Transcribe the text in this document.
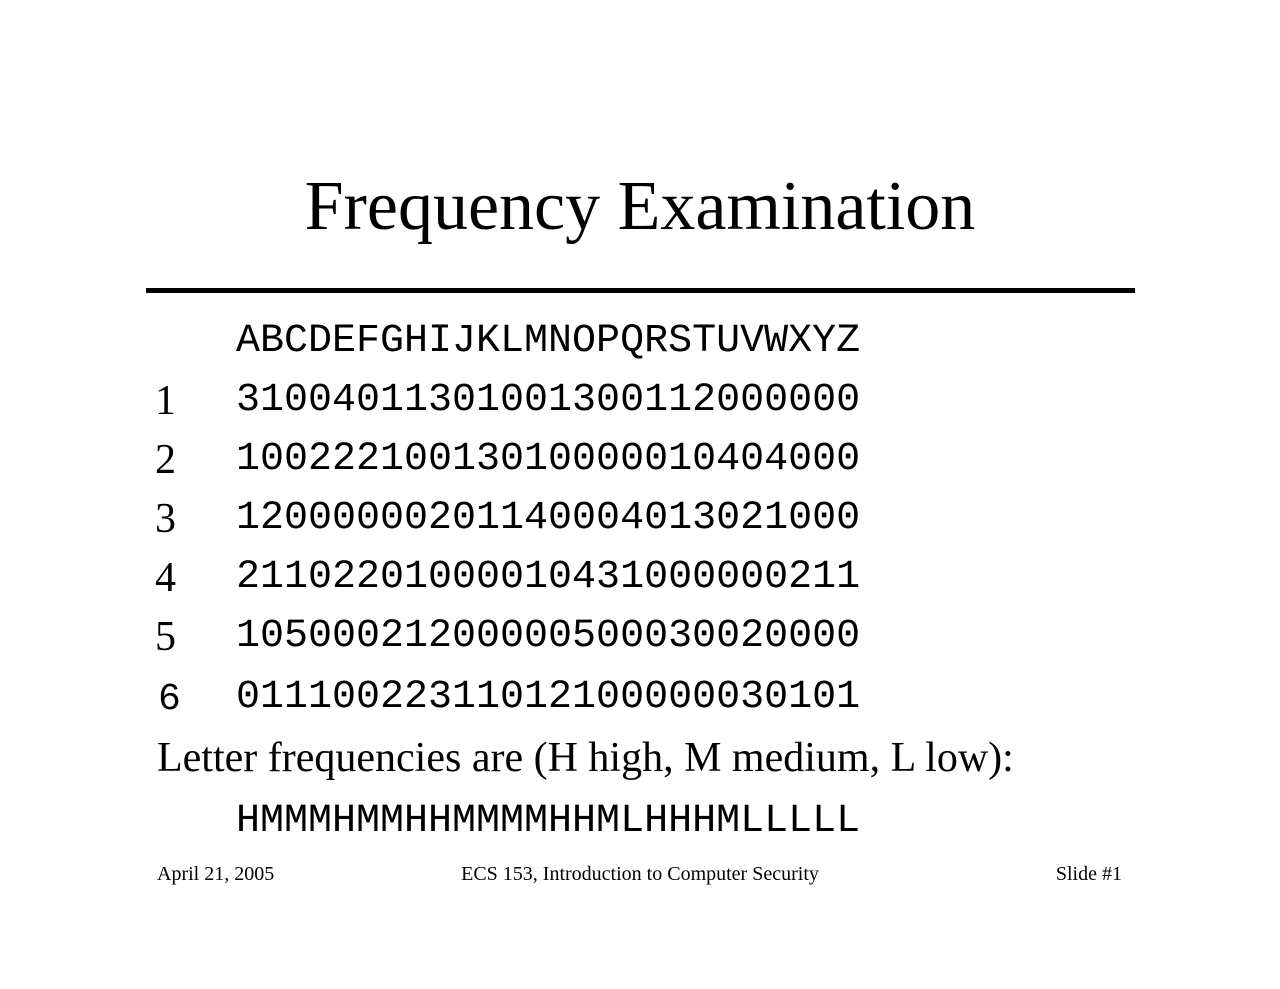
Frequency Examination
ABCDEFGHIJKLMNOPQRSTUVWXYZ
1 31004011301001300112000000
2 10022210013010000010404000
3 12000000201140004013021000
4 21102201000010431000000211
5 10500021200000500030020000
6 01110022311012100000030101
Letter frequencies are (H high, M medium, L low):
HMMMHMMHHMMMMHHMLHHHMLLLLL
April 21, 2005	ECS 153, Introduction to Computer Security	Slide #1
